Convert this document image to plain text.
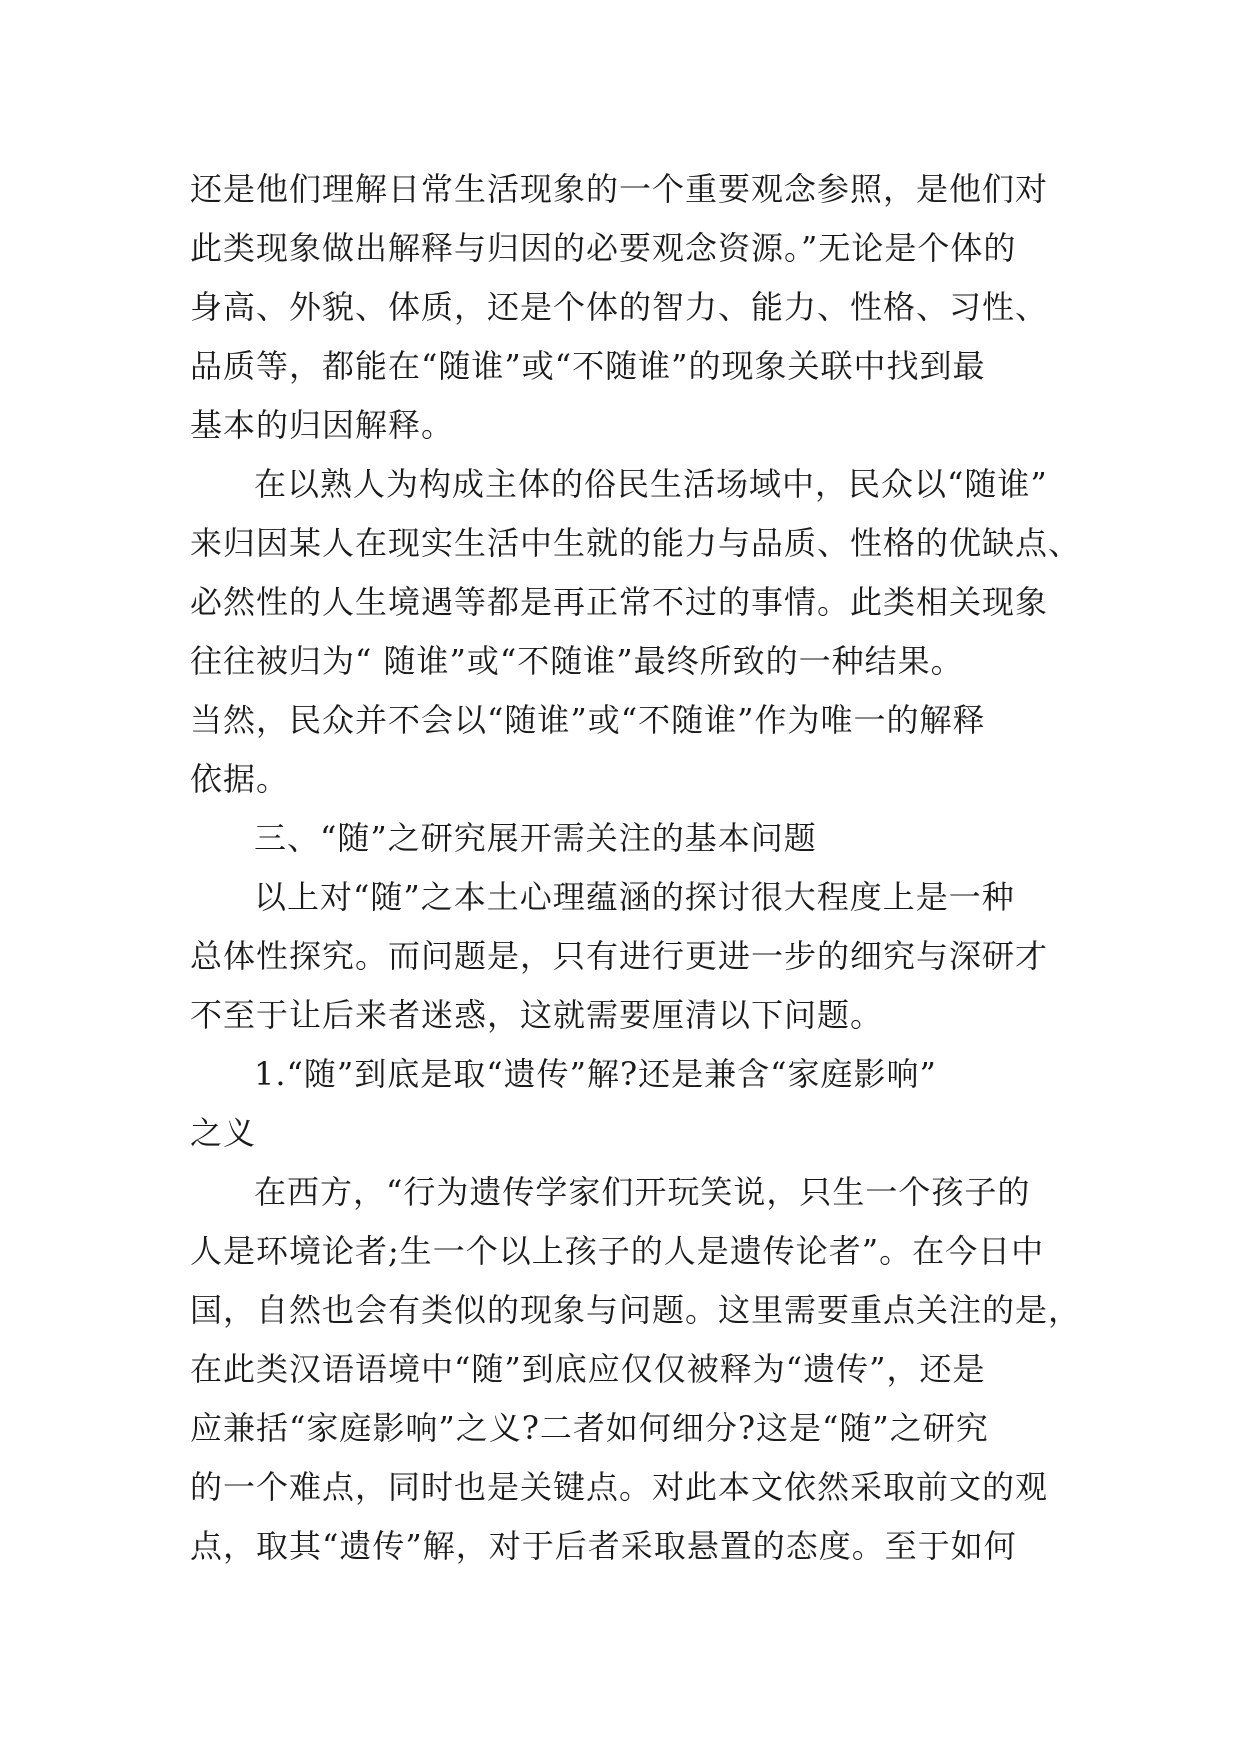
还是他们理解日常生活现象的一个重要观念参照，是他们对
此类现象做出解释与归因的必要观念资源。”无论是个体的
身高、外貌、体质，还是个体的智力、能力、性格、习性、
品质等，都能在“随谁”或“不随谁”的现象关联中找到最
基本的归因解释。

在以熟人为构成主体的俗民生活场域中，民众以“随谁”
来归因某人在现实生活中生就的能力与品质、性格的优缺点、
必然性的人生境遇等都是再正常不过的事情。此类相关现象
往往被归为“ 随谁”或“不随谁”最终所致的一种结果。
当然，民众并不会以“随谁”或“不随谁”作为唯一的解释
依据。

三、“随”之研究展开需关注的基本问题

以上对“随”之本土心理蕴涵的探讨很大程度上是一种
总体性探究。而问题是，只有进行更进一步的细究与深研才
不至于让后来者迷惑，这就需要厘清以下问题。

1.“随”到底是取“遗传”解?还是兼含“家庭影响”
之义

在西方，“行为遗传学家们开玩笑说，只生一个孩子的
人是环境论者;生一个以上孩子的人是遗传论者”。在今日中
国，自然也会有类似的现象与问题。这里需要重点关注的是，
在此类汉语语境中“随”到底应仅仅被释为“遗传”，还是
应兼括“家庭影响”之义?二者如何细分?这是“随”之研究
的一个难点，同时也是关键点。对此本文依然采取前文的观
点，取其“遗传”解，对于后者采取悬置的态度。至于如何
